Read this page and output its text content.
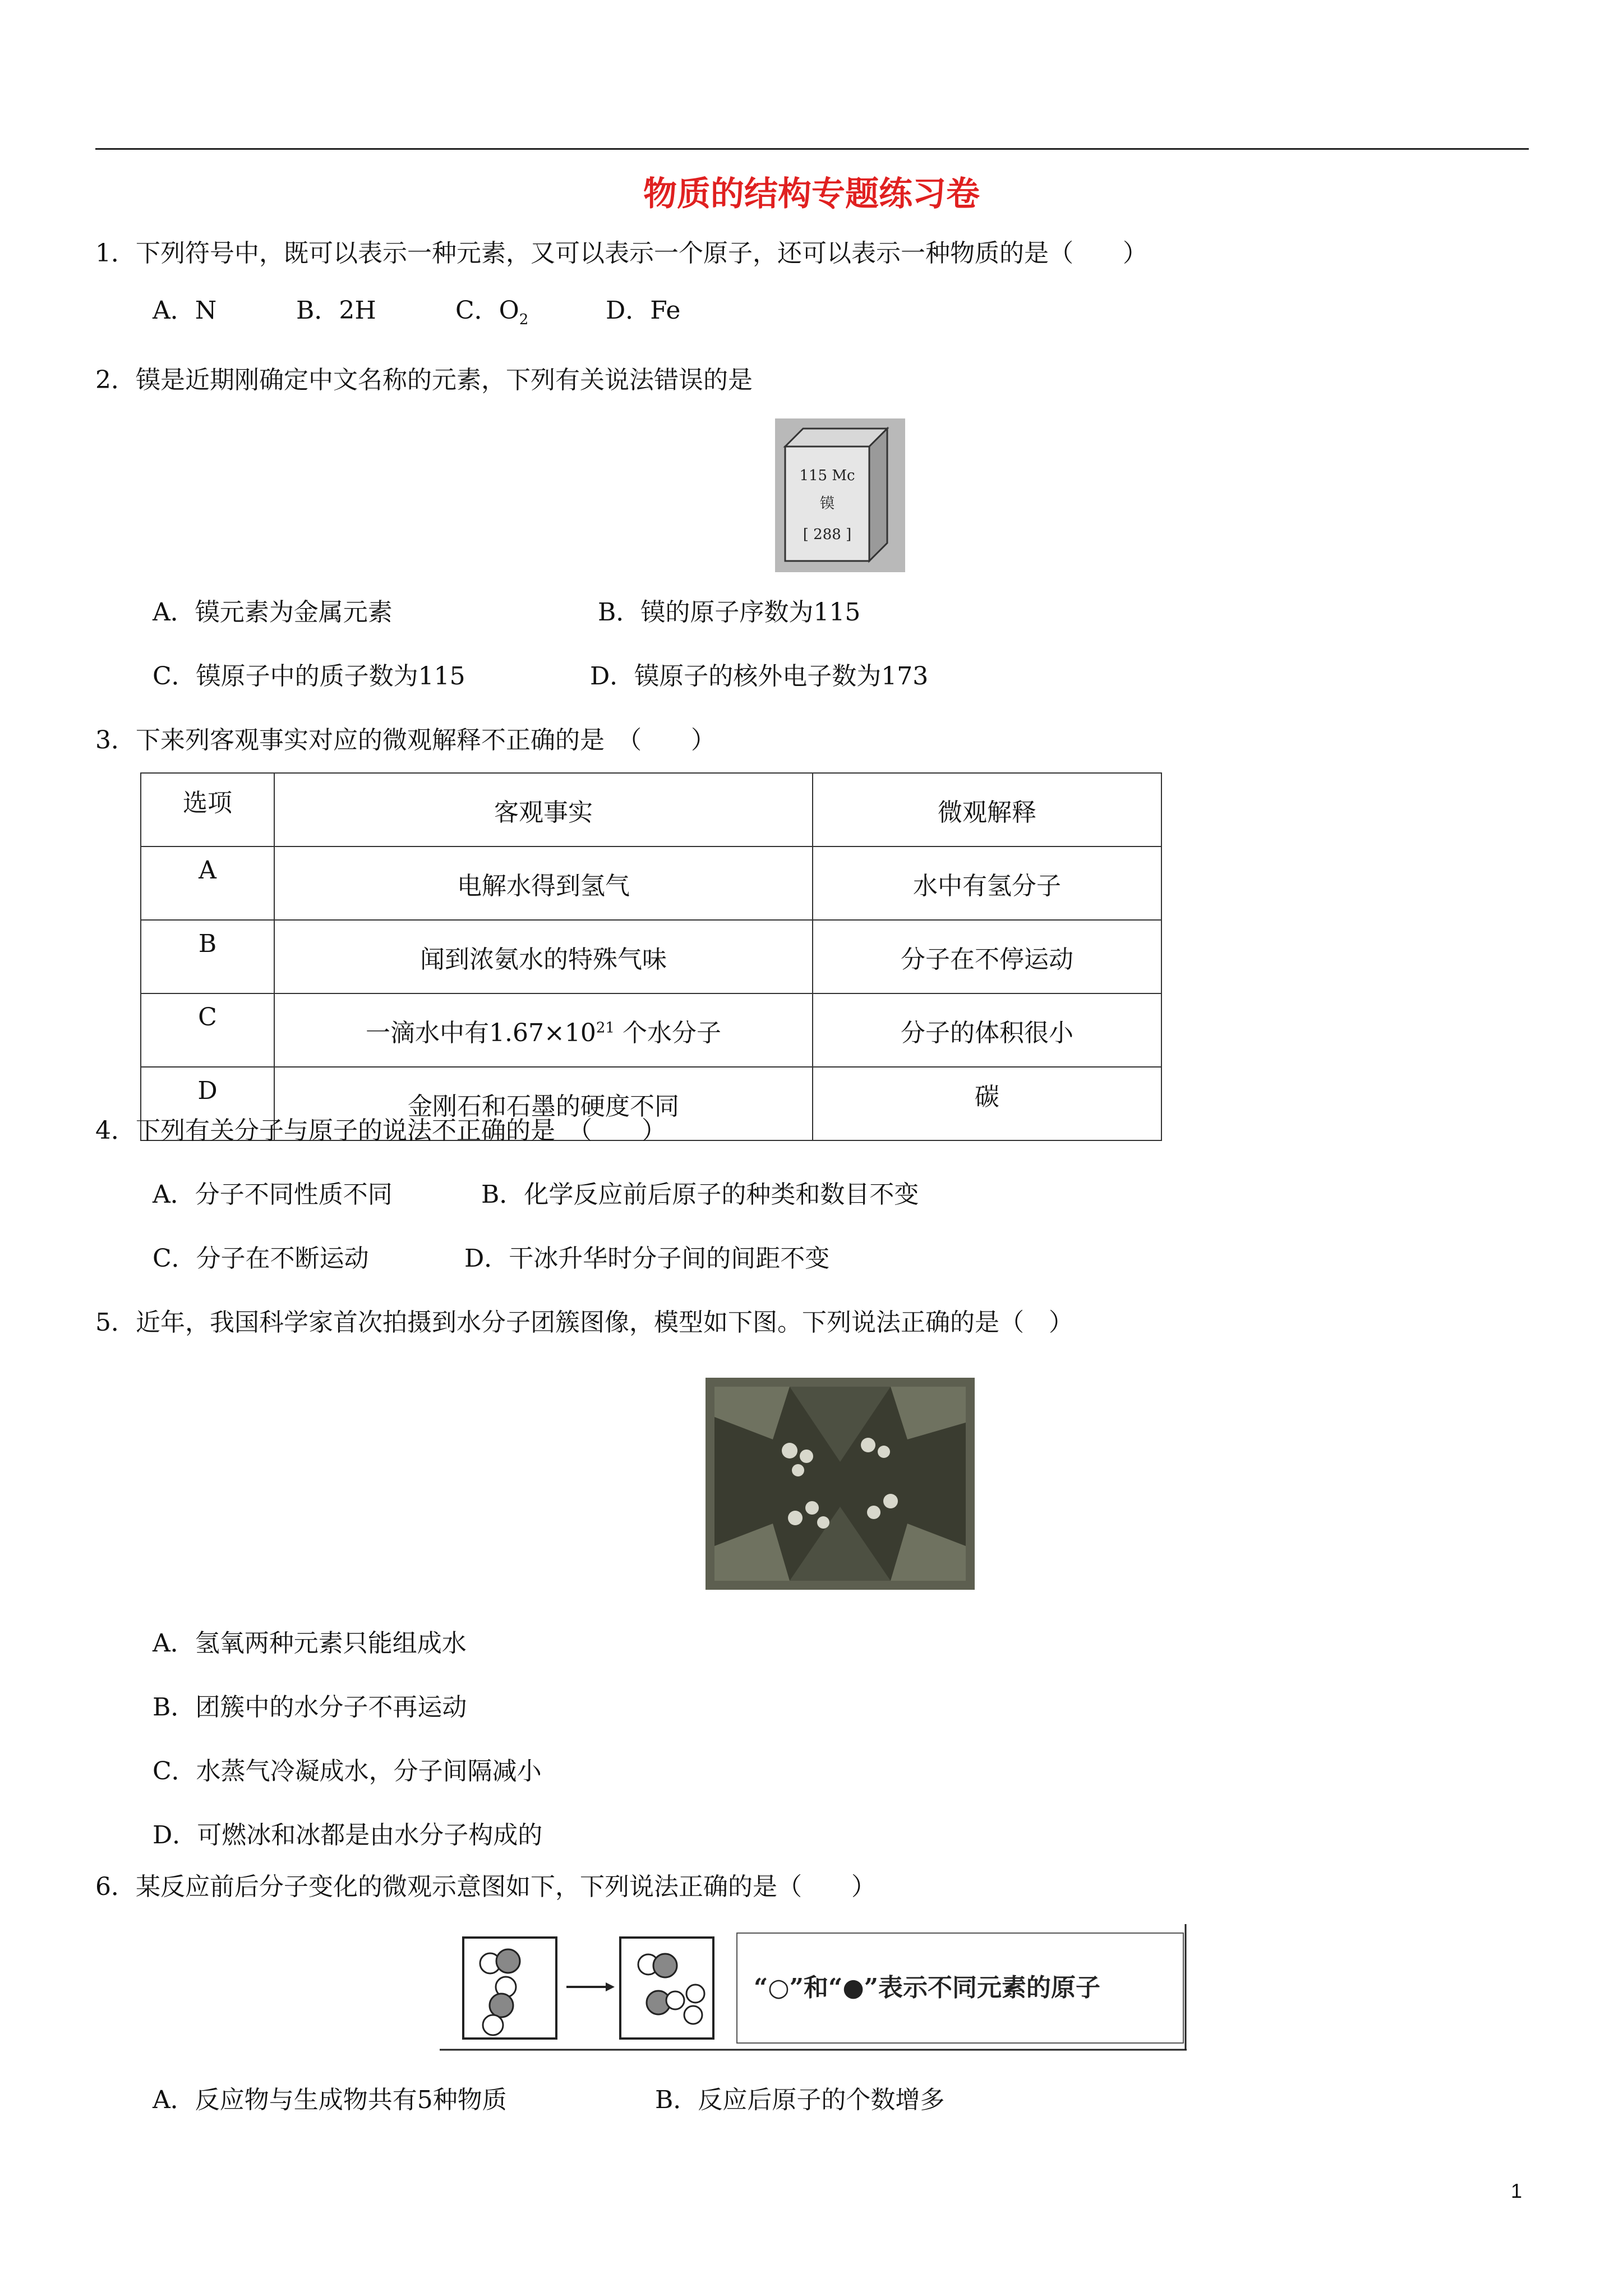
物质的结构专题练习卷
1．下列符号中，既可以表示一种元素，又可以表示一个原子，还可以表示一种物质的是（　　）
A．N	B．2H	C．$O_2$	D．Fe
2．镆是近期刚确定中文名称的元素，下列有关说法错误的是
115 Mc
镆
[ 288 ]
A．镆元素为金属元素	B．镆的原子序数为115
C．镆原子中的质子数为115	D．镆原子的核外电子数为173
3．下来列客观事实对应的微观解释不正确的是　（　　）
选项	客观事实	微观解释
A	电解水得到氢气	水中有氢分子
B	闻到浓氨水的特殊气味	分子在不停运动
C	一滴水中有$1.67\times 10^{21}$ 个水分子	分子的体积很小
D	金刚石和石墨的硬度不同	碳
4．下列有关分子与原子的说法不正确的是　（　　）
A．分子不同性质不同	B．化学反应前后原子的种类和数目不变
C．分子在不断运动	D．干冰升华时分子间的间距不变
5．近年，我国科学家首次拍摄到水分子团簇图像，模型如下图。下列说法正确的是（　）
A．氢氧两种元素只能组成水
B．团簇中的水分子不再运动
C．水蒸气冷凝成水，分子间隔减小
D．可燃冰和冰都是由水分子构成的
6．某反应前后分子变化的微观示意图如下，下列说法正确的是（　　）
“○”和“●”表示不同元素的原子
A．反应物与生成物共有5种物质	B．反应后原子的个数增多
1
